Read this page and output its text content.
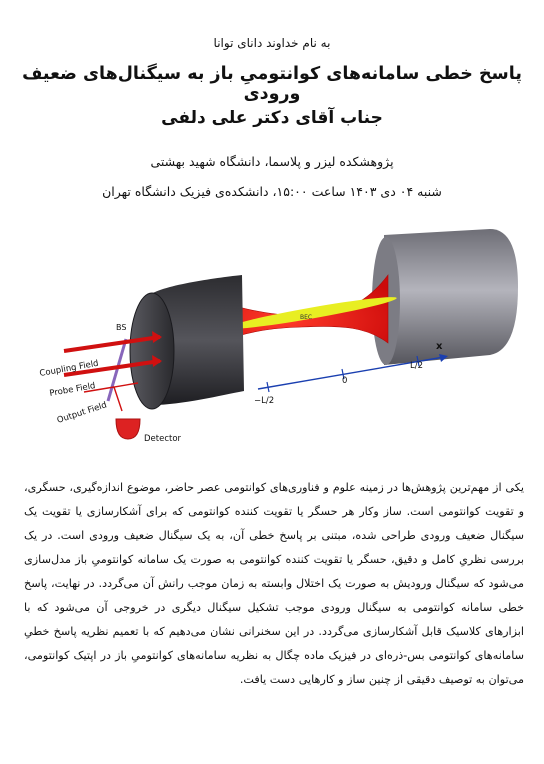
به نام خداوند دانای توانا
پاسخ خطی سامانه‌های کوانتومیِ باز به سیگنال‌های ضعیف ورودی
جناب آقای دکتر علی دلفی
پژوهشکده لیزر و پلاسما، دانشگاه شهید بهشتی
شنبه ۰۴ دی ۱۴۰۳ ساعت ۱۵:۰۰، دانشکده‌ی فیزیک دانشگاه تهران
BEC
BS
Coupling Field
Probe Field
Output Field
Detector
−L/2
0
L/2
x
یکی از مهم‌ترین پژوهش‌ها در زمینه علوم و فناوری‌های کوانتومی عصر حاضر، موضوع اندازه‌گیری، حسگری، و تقویت کوانتومی است. ساز وکار هر حسگر یا تقویت کننده کوانتومی که برای آشکارسازی یا تقویت یک سیگنال ضعیف ورودی طراحی شده، مبتنی بر پاسخ خطی آن، به یک سیگنال ضعیف ورودی است. در یک بررسی نظریِ کامل و دقیق، حسگر یا تقویت کننده کوانتومی به صورت یک سامانه کوانتومیِ باز مدل‌سازی می‌شود که سیگنال ورودیش به صورت یک اختلال وابسته به زمان موجب رانش آن می‌گردد. در نهایت، پاسخ خطی سامانه کوانتومی به سیگنال ورودی موجب تشکیل سیگنال دیگری در خروجی آن می‌شود که با ابزارهای کلاسیک قابل آشکارسازی می‌گردد. در این سخنرانی نشان می‌دهیم که با تعمیم نظریه پاسخ خطیِ سامانه‌های کوانتومی بس-ذره‌ای در فیزیک ماده چگال به نظریه سامانه‌های کوانتومیِ باز در اپتیک کوانتومی، می‌توان به توصیف دقیقی از چنین ساز و کارهایی دست یافت.
